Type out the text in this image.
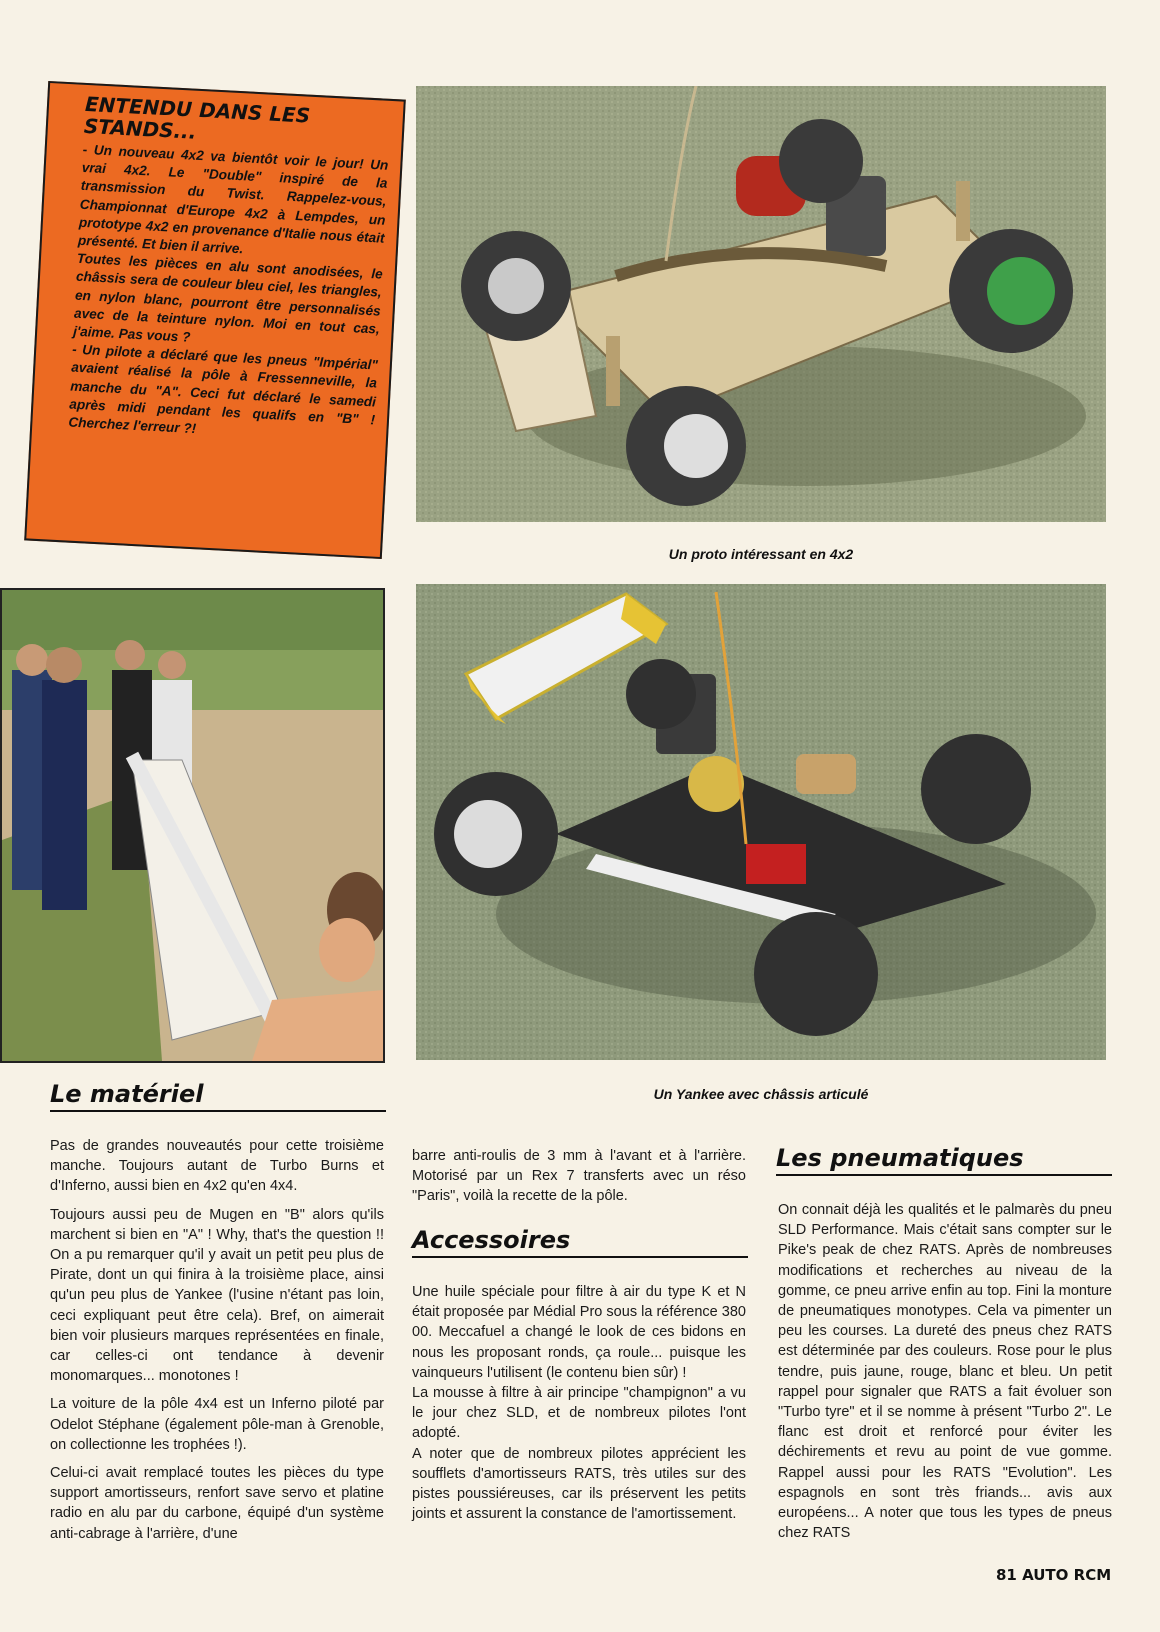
ENTENDU DANS LES STANDS...

- Un nouveau 4x2 va bientôt voir le jour! Un vrai 4x2. Le "Double" inspiré de la transmission du Twist. Rappelez-vous, Championnat d'Europe 4x2 à Lempdes, un prototype 4x2 en provenance d'Italie nous était présenté. Et bien il arrive.

Toutes les pièces en alu sont anodisées, le châssis sera de couleur bleu ciel, les triangles, en nylon blanc, pourront être personnalisés avec de la teinture nylon. Moi en tout cas, j'aime. Pas vous ?

- Un pilote a déclaré que les pneus "Impérial" avaient réalisé la pôle à Fressenneville, la manche du "A". Ceci fut déclaré le samedi après midi pendant les qualifs en "B" ! Cherchez l'erreur ?!

Un proto intéressant en 4x2
Un Yankee avec châssis articulé
Le matériel

Pas de grandes nouveautés pour cette troisième manche. Toujours autant de Turbo Burns et d'Inferno, aussi bien en 4x2 qu'en 4x4.

Toujours aussi peu de Mugen en "B" alors qu'ils marchent si bien en "A" ! Why, that's the question !! On a pu remarquer qu'il y avait un petit peu plus de Pirate, dont un qui finira à la troisième place, ainsi qu'un peu plus de Yankee (l'usine n'étant pas loin, ceci expliquant peut être cela). Bref, on aimerait bien voir plusieurs marques représentées en finale, car celles-ci ont tendance à devenir monomarques... monotones !

La voiture de la pôle 4x4 est un Inferno piloté par Odelot Stéphane (également pôle-man à Grenoble, on collectionne les trophées !).

Celui-ci avait remplacé toutes les pièces du type support amortisseurs, renfort save servo et platine radio en alu par du carbone, équipé d'un système anti-cabrage à l'arrière, d'une

barre anti-roulis de 3 mm à l'avant et à l'arrière. Motorisé par un Rex 7 transferts avec un réso "Paris", voilà la recette de la pôle.

Accessoires

Une huile spéciale pour filtre à air du type K et N était proposée par Médial Pro sous la référence 380 00. Meccafuel a changé le look de ces bidons en nous les proposant ronds, ça roule... puisque les vainqueurs l'utilisent (le contenu bien sûr) !

La mousse à filtre à air principe "champignon" a vu le jour chez SLD, et de nombreux pilotes l'ont adopté.

A noter que de nombreux pilotes apprécient les soufflets d'amortisseurs RATS, très utiles sur des pistes poussiéreuses, car ils préservent les petits joints et assurent la constance de l'amortissement.

Les pneumatiques

On connait déjà les qualités et le palmarès du pneu SLD Performance. Mais c'était sans compter sur le Pike's peak de chez RATS. Après de nombreuses modifications et recherches au niveau de la gomme, ce pneu arrive enfin au top. Fini la monture de pneumatiques monotypes. Cela va pimenter un peu les courses. La dureté des pneus chez RATS est déterminée par des couleurs. Rose pour le plus tendre, puis jaune, rouge, blanc et bleu. Un petit rappel pour signaler que RATS a fait évoluer son "Turbo tyre" et il se nomme à présent "Turbo 2". Le flanc est droit et renforcé pour éviter les déchirements et revu au point de vue gomme. Rappel aussi pour les RATS "Evolution". Les espagnols en sont très friands... avis aux européens... A noter que tous les types de pneus chez RATS

81 AUTO RCM
